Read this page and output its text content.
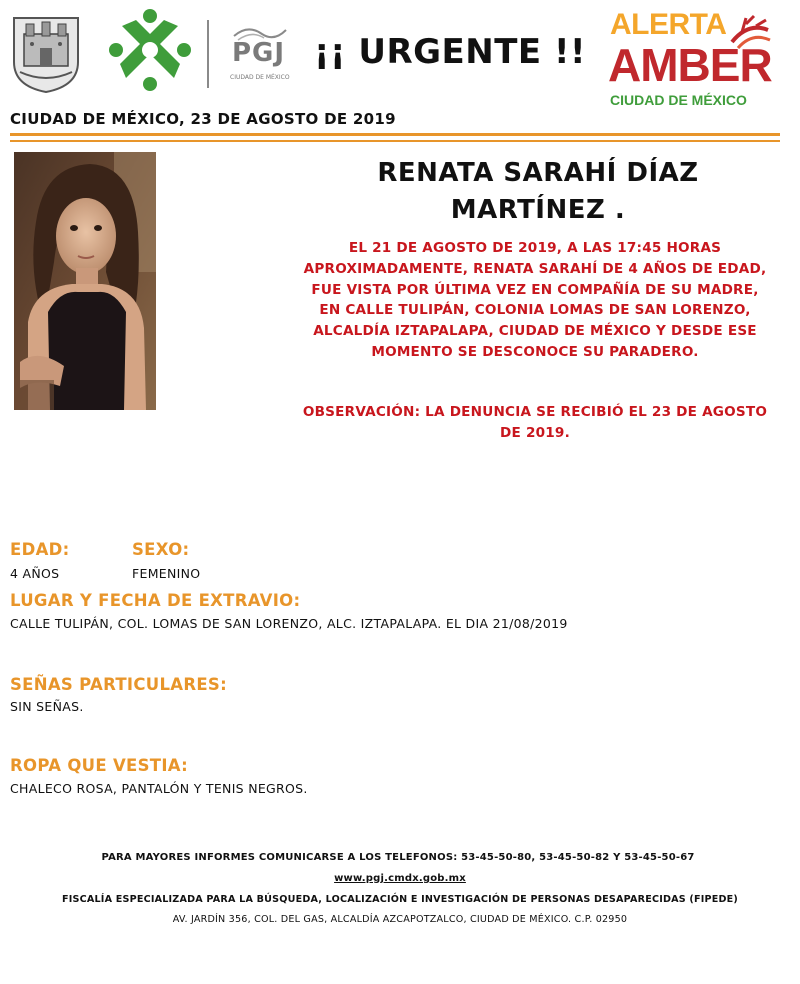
PGJ
CIUDAD DE MÉXICO
¡¡ URGENTE !!
ALERTA
AMBER
CIUDAD DE MÉXICO
CIUDAD DE MÉXICO, 23 DE AGOSTO DE 2019
RENATA SARAHÍ DÍAZ
MARTÍNEZ .
EL 21 DE AGOSTO DE 2019, A LAS 17:45 HORAS APROXIMADAMENTE, RENATA SARAHÍ DE 4 AÑOS DE EDAD, FUE VISTA POR ÚLTIMA VEZ EN COMPAÑÍA DE SU MADRE, EN CALLE TULIPÁN, COLONIA LOMAS DE SAN LORENZO, ALCALDÍA IZTAPALAPA, CIUDAD DE MÉXICO Y DESDE ESE MOMENTO SE DESCONOCE SU PARADERO.
OBSERVACIÓN: LA DENUNCIA SE RECIBIÓ EL 23 DE AGOSTO DE 2019.
EDAD:
4 AÑOS
SEXO:
FEMENINO
LUGAR Y FECHA DE EXTRAVIO:
CALLE TULIPÁN, COL. LOMAS DE SAN LORENZO, ALC. IZTAPALAPA. EL DIA 21/08/2019
SEÑAS PARTICULARES:
SIN SEÑAS.
ROPA QUE VESTIA:
CHALECO ROSA, PANTALÓN Y TENIS NEGROS.
PARA MAYORES INFORMES COMUNICARSE A LOS TELEFONOS: 53-45-50-80, 53-45-50-82 Y 53-45-50-67
www.pgj.cmdx.gob.mx
FISCALÍA ESPECIALIZADA PARA LA BÚSQUEDA, LOCALIZACIÓN E INVESTIGACIÓN DE PERSONAS DESAPARECIDAS (FIPEDE)
AV. JARDÍN 356, COL. DEL GAS, ALCALDÍA AZCAPOTZALCO, CIUDAD DE MÉXICO. C.P. 02950
